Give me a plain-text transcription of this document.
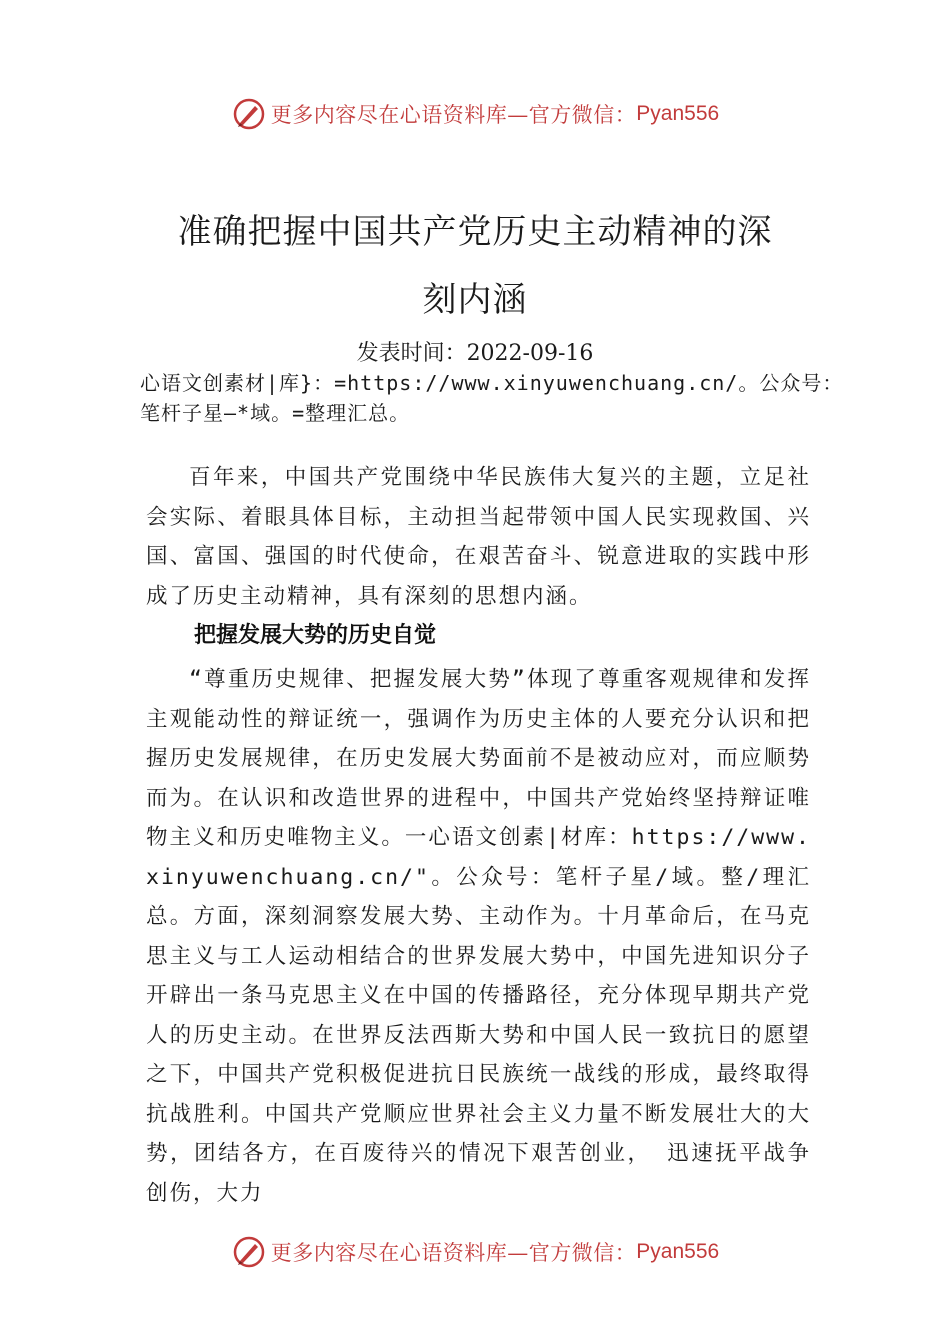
更多内容尽在心语资料库—官方微信： Pyan556
准确把握中国共产党历史主动精神的深
刻内涵
发表时间：2022-09-16

心语文创素材|库}：=https://www.xinyuwenchuang.cn/。公众号：笔杆子星—*域。=整理汇总。

百年来，中国共产党围绕中华民族伟大复兴的主题，立足社会实际、着眼具体目标，主动担当起带领中国人民实现救国、兴国、富国、强国的时代使命，在艰苦奋斗、锐意进取的实践中形成了历史主动精神，具有深刻的思想内涵。

把握发展大势的历史自觉

“尊重历史规律、把握发展大势”体现了尊重客观规律和发挥主观能动性的辩证统一，强调作为历史主体的人要充分认识和把握历史发展规律，在历史发展大势面前不是被动应对，而应顺势而为。在认识和改造世界的进程中，中国共产党始终坚持辩证唯物主义和历史唯物主义。一心语文创素|材库：https://www.xinyuwenchuang.cn/"。公众号：笔杆子星/域。整/理汇总。方面，深刻洞察发展大势、主动作为。十月革命后，在马克思主义与工人运动相结合的世界发展大势中，中国先进知识分子开辟出一条马克思主义在中国的传播路径，充分体现早期共产党人的历史主动。在世界反法西斯大势和中国人民一致抗日的愿望之下，中国共产党积极促进抗日民族统一战线的形成，最终取得抗战胜利。中国共产党顺应世界社会主义力量不断发展壮大的大势，团结各方，在百废待兴的情况下艰苦创业， 迅速抚平战争创伤，大力

更多内容尽在心语资料库—官方微信： Pyan556
